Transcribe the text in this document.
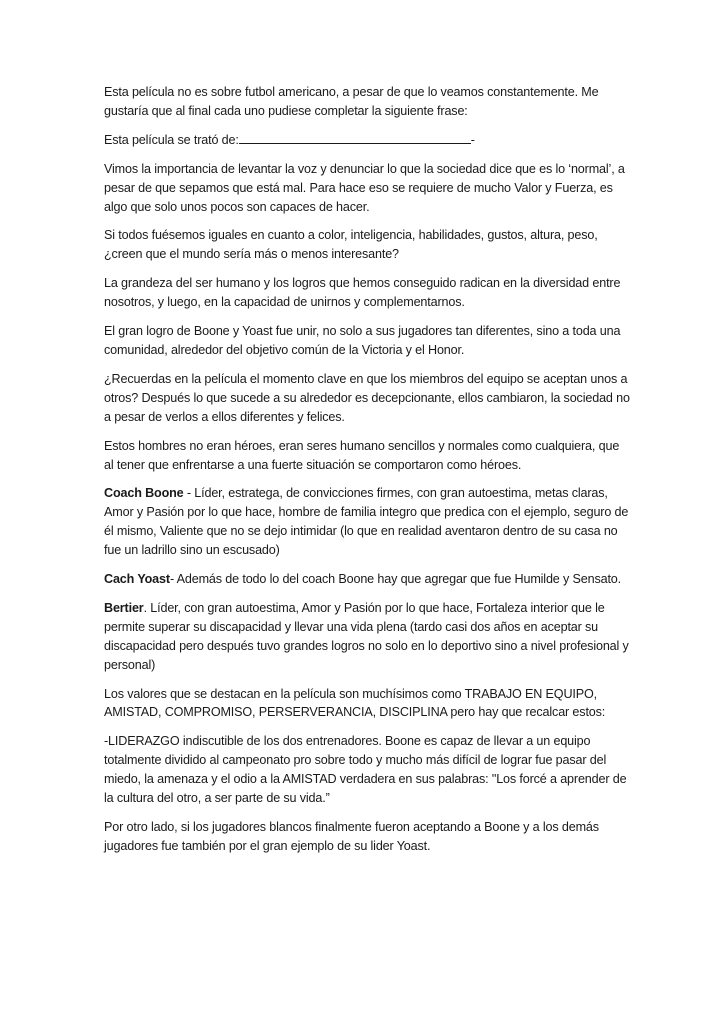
Esta película no es sobre futbol americano, a pesar de que lo veamos constantemente. Me gustaría que al final cada uno pudiese completar la siguiente frase:

Esta película se trató de:	-

Vimos la importancia de levantar la voz y denunciar lo que la sociedad dice que es lo ‘normal’, a pesar de que sepamos que está mal. Para hace eso se requiere de mucho Valor y Fuerza, es algo que solo unos pocos son capaces de hacer.

Si todos fuésemos iguales en cuanto a color, inteligencia, habilidades, gustos, altura, peso, ¿creen que el mundo sería más o menos interesante?

La grandeza del ser humano y los logros que hemos conseguido radican en la diversidad entre nosotros, y luego, en la capacidad de unirnos y complementarnos.

El gran logro de Boone y Yoast fue unir, no solo a sus jugadores tan diferentes, sino a toda una comunidad, alrededor del objetivo común de la Victoria y el Honor.

¿Recuerdas en la película el momento clave en que los miembros del equipo se aceptan unos a otros? Después lo que sucede a su alrededor es decepcionante, ellos cambiaron, la sociedad no a pesar de verlos a ellos diferentes y felices.

Estos hombres no eran héroes, eran seres humano sencillos y normales como cualquiera, que al tener que enfrentarse a una fuerte situación se comportaron como héroes.

Coach Boone - Líder, estratega, de convicciones firmes, con gran autoestima, metas claras, Amor y Pasión por lo que hace, hombre de familia integro que predica con el ejemplo, seguro de él mismo, Valiente que no se dejo intimidar (lo que en realidad aventaron dentro de su casa no fue un ladrillo sino un escusado)

Cach Yoast- Además de todo lo del coach Boone hay que agregar que fue Humilde y Sensato.

Bertier. Líder, con gran autoestima, Amor y Pasión por lo que hace, Fortaleza interior que le permite superar su discapacidad y llevar una vida plena (tardo casi dos años en aceptar su discapacidad pero después tuvo grandes logros no solo en lo deportivo sino a nivel profesional y personal)

Los valores que se destacan en la película son muchísimos como TRABAJO EN EQUIPO, AMISTAD, COMPROMISO, PERSERVERANCIA, DISCIPLINA pero hay que recalcar estos:

-LIDERAZGO indiscutible de los dos entrenadores. Boone es capaz de llevar a un equipo totalmente dividido al campeonato pro sobre todo y mucho más difícil de lograr fue pasar del miedo, la amenaza y el odio a la AMISTAD verdadera en sus palabras: "Los forcé a aprender de la cultura del otro, a ser parte de su vida.”

Por otro lado, si los jugadores blancos finalmente fueron aceptando a Boone y a los demás jugadores fue también por el gran ejemplo de su lider Yoast.
